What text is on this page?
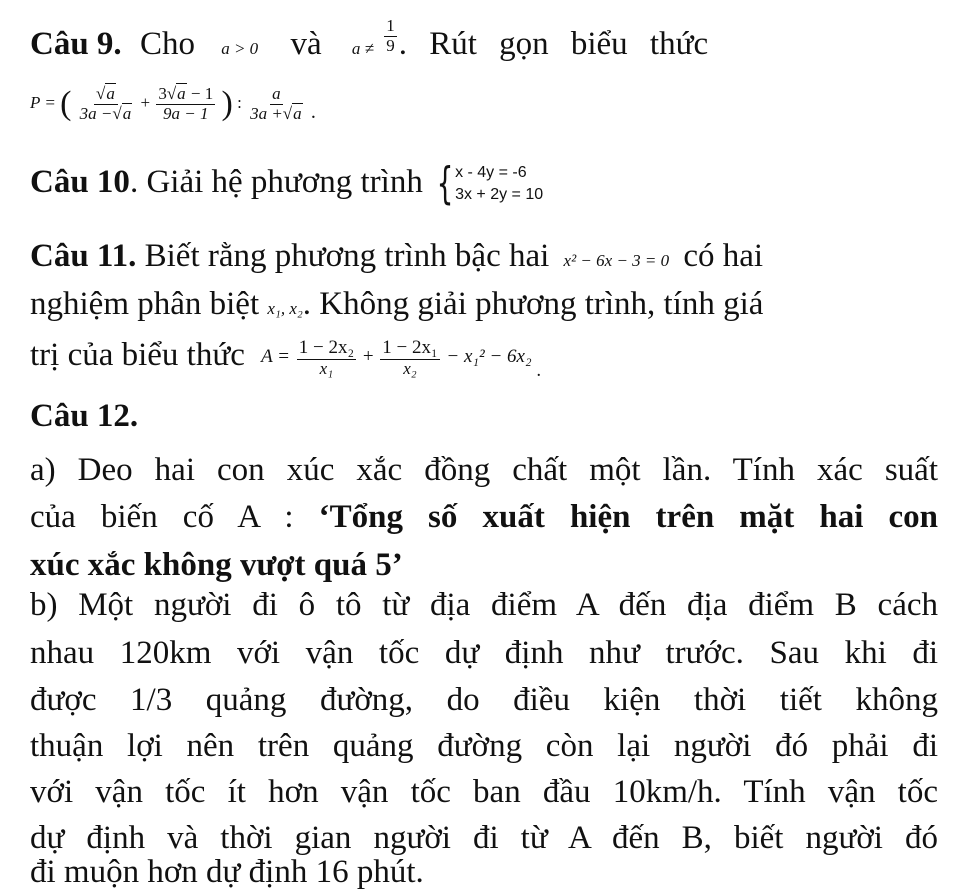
Câu 9. Cho a > 0 và $a \ne \frac{1}{9}$ . Rút gọn biểu thức
P = ( $\frac{√a}{3a -√a} + \frac{3√a - 1}{9a - 1}$ ) : $\frac{a}{3a +√a}$ .
Câu 10. Giải hệ phương trình { x - 4y = -6
3x + 2y = 10
Câu 11. Biết rằng phương trình bậc hai x² − 6x − 3 = 0 có hai
nghiệm phân biệt x₁, x₂. Không giải phương trình, tính giá
trị của biểu thức $A = \frac{\text{1 − 2x₂}}{\text{x₁}} + \frac{\text{1 − 2x₁}}{\text{x₂}} - x_1^2 - 6x_2$ .
Câu 12.
a) Deo hai con xúc xắc đồng chất một lần. Tính xác suất
của biến cố A : ‘Tổng số xuất hiện trên mặt hai con
xúc xắc không vượt quá 5’
b) Một người đi ô tô từ địa điểm A đến địa điểm B cách
nhau 120km với vận tốc dự định như trước. Sau khi đi
được 1/3 quảng đường, do điều kiện thời tiết không
thuận lợi nên trên quảng đường còn lại người đó phải đi
với vận tốc ít hơn vận tốc ban đầu 10km/h. Tính vận tốc
dự định và thời gian người đi từ A đến B, biết người đó
đi muộn hơn dự định 16 phút.
